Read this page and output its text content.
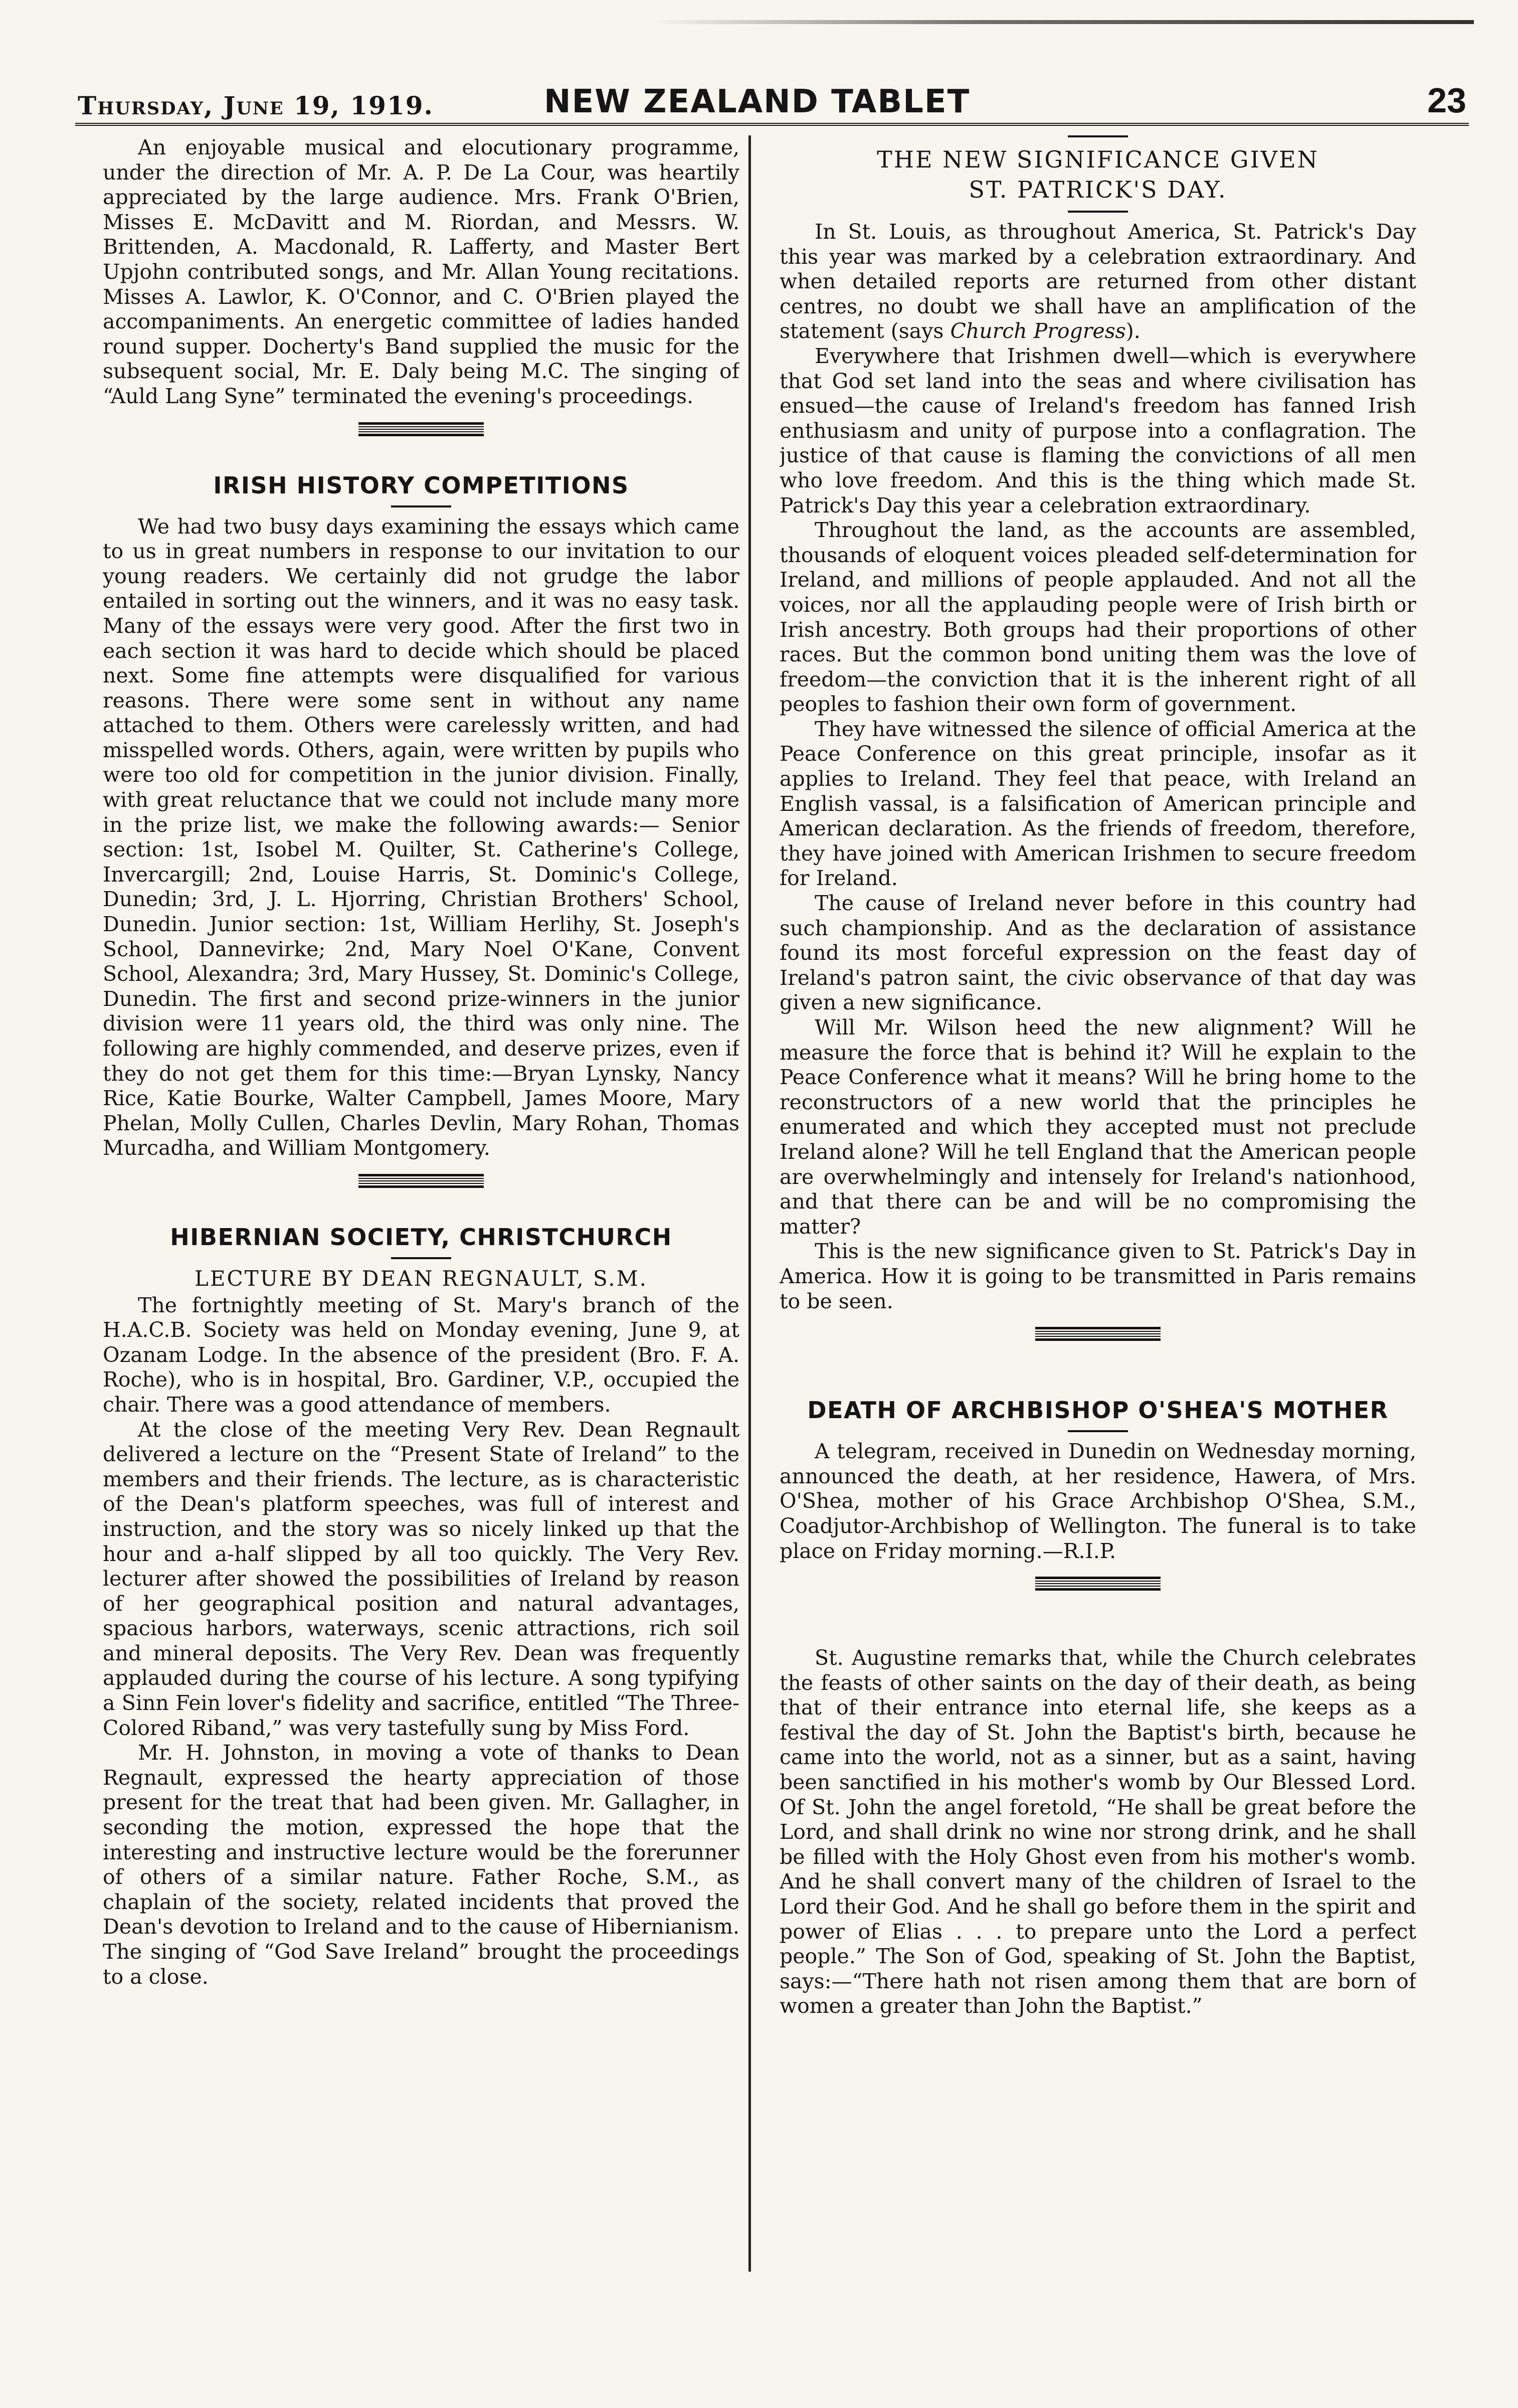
Thursday, June 19, 1919.	NEW ZEALAND TABLET	23

An enjoyable musical and elocutionary programme, under the direction of Mr. A. P. De La Cour, was heartily appreciated by the large audience. Mrs. Frank O'Brien, Misses E. McDavitt and M. Riordan, and Messrs. W. Brittenden, A. Macdonald, R. Lafferty, and Master Bert Upjohn contributed songs, and Mr. Allan Young recitations. Misses A. Lawlor, K. O'Connor, and C. O'Brien played the accompaniments. An energetic committee of ladies handed round supper. Docherty's Band supplied the music for the subsequent social, Mr. E. Daly being M.C. The singing of “Auld Lang Syne” terminated the evening's proceedings.

IRISH HISTORY COMPETITIONS

We had two busy days examining the essays which came to us in great numbers in response to our invitation to our young readers. We certainly did not grudge the labor entailed in sorting out the winners, and it was no easy task. Many of the essays were very good. After the first two in each section it was hard to decide which should be placed next. Some fine attempts were disqualified for various reasons. There were some sent in without any name attached to them. Others were carelessly written, and had misspelled words. Others, again, were written by pupils who were too old for competition in the junior division. Finally, with great reluctance that we could not include many more in the prize list, we make the following awards:— Senior section: 1st, Isobel M. Quilter, St. Catherine's College, Invercargill; 2nd, Louise Harris, St. Dominic's College, Dunedin; 3rd, J. L. Hjorring, Christian Brothers' School, Dunedin. Junior section: 1st, William Herlihy, St. Joseph's School, Dannevirke; 2nd, Mary Noel O'Kane, Convent School, Alexandra; 3rd, Mary Hussey, St. Dominic's College, Dunedin. The first and second prize-winners in the junior division were 11 years old, the third was only nine. The following are highly commended, and deserve prizes, even if they do not get them for this time:—Bryan Lynsky, Nancy Rice, Katie Bourke, Walter Campbell, James Moore, Mary Phelan, Molly Cullen, Charles Devlin, Mary Rohan, Thomas Murcadha, and William Montgomery.

HIBERNIAN SOCIETY, CHRISTCHURCH

LECTURE BY DEAN REGNAULT, S.M.

The fortnightly meeting of St. Mary's branch of the H.A.C.B. Society was held on Monday evening, June 9, at Ozanam Lodge. In the absence of the president (Bro. F. A. Roche), who is in hospital, Bro. Gardiner, V.P., occupied the chair. There was a good attendance of members.

At the close of the meeting Very Rev. Dean Regnault delivered a lecture on the “Present State of Ireland” to the members and their friends. The lecture, as is characteristic of the Dean's platform speeches, was full of interest and instruction, and the story was so nicely linked up that the hour and a-half slipped by all too quickly. The Very Rev. lecturer after showed the possibilities of Ireland by reason of her geographical position and natural advantages, spacious harbors, waterways, scenic attractions, rich soil and mineral deposits. The Very Rev. Dean was frequently applauded during the course of his lecture. A song typifying a Sinn Fein lover's fidelity and sacrifice, entitled “The Three-Colored Riband,” was very tastefully sung by Miss Ford.

Mr. H. Johnston, in moving a vote of thanks to Dean Regnault, expressed the hearty appreciation of those present for the treat that had been given. Mr. Gallagher, in seconding the motion, expressed the hope that the interesting and instructive lecture would be the forerunner of others of a similar nature. Father Roche, S.M., as chaplain of the society, related incidents that proved the Dean's devotion to Ireland and to the cause of Hibernianism. The singing of “God Save Ireland” brought the proceedings to a close.

THE NEW SIGNIFICANCE GIVEN
ST. PATRICK'S DAY.

In St. Louis, as throughout America, St. Patrick's Day this year was marked by a celebration extraordinary. And when detailed reports are returned from other distant centres, no doubt we shall have an amplification of the statement (says Church Progress).

Everywhere that Irishmen dwell—which is everywhere that God set land into the seas and where civilisation has ensued—the cause of Ireland's freedom has fanned Irish enthusiasm and unity of purpose into a conflagration. The justice of that cause is flaming the convictions of all men who love freedom. And this is the thing which made St. Patrick's Day this year a celebration extraordinary.

Throughout the land, as the accounts are assembled, thousands of eloquent voices pleaded self-determination for Ireland, and millions of people applauded. And not all the voices, nor all the applauding people were of Irish birth or Irish ancestry. Both groups had their proportions of other races. But the common bond uniting them was the love of freedom—the conviction that it is the inherent right of all peoples to fashion their own form of government.

They have witnessed the silence of official America at the Peace Conference on this great principle, insofar as it applies to Ireland. They feel that peace, with Ireland an English vassal, is a falsification of American principle and American declaration. As the friends of freedom, therefore, they have joined with American Irishmen to secure freedom for Ireland.

The cause of Ireland never before in this country had such championship. And as the declaration of assistance found its most forceful expression on the feast day of Ireland's patron saint, the civic observance of that day was given a new significance.

Will Mr. Wilson heed the new alignment? Will he measure the force that is behind it? Will he explain to the Peace Conference what it means? Will he bring home to the reconstructors of a new world that the principles he enumerated and which they accepted must not preclude Ireland alone? Will he tell England that the American people are overwhelmingly and intensely for Ireland's nationhood, and that there can be and will be no compromising the matter?

This is the new significance given to St. Patrick's Day in America. How it is going to be transmitted in Paris remains to be seen.

DEATH OF ARCHBISHOP O'SHEA'S MOTHER

A telegram, received in Dunedin on Wednesday morning, announced the death, at her residence, Hawera, of Mrs. O'Shea, mother of his Grace Archbishop O'Shea, S.M., Coadjutor-Archbishop of Wellington. The funeral is to take place on Friday morning.—R.I.P.

St. Augustine remarks that, while the Church celebrates the feasts of other saints on the day of their death, as being that of their entrance into eternal life, she keeps as a festival the day of St. John the Baptist's birth, because he came into the world, not as a sinner, but as a saint, having been sanctified in his mother's womb by Our Blessed Lord. Of St. John the angel foretold, “He shall be great before the Lord, and shall drink no wine nor strong drink, and he shall be filled with the Holy Ghost even from his mother's womb. And he shall convert many of the children of Israel to the Lord their God. And he shall go before them in the spirit and power of Elias . . . to prepare unto the Lord a perfect people.” The Son of God, speaking of St. John the Baptist, says:—“There hath not risen among them that are born of women a greater than John the Baptist.”
